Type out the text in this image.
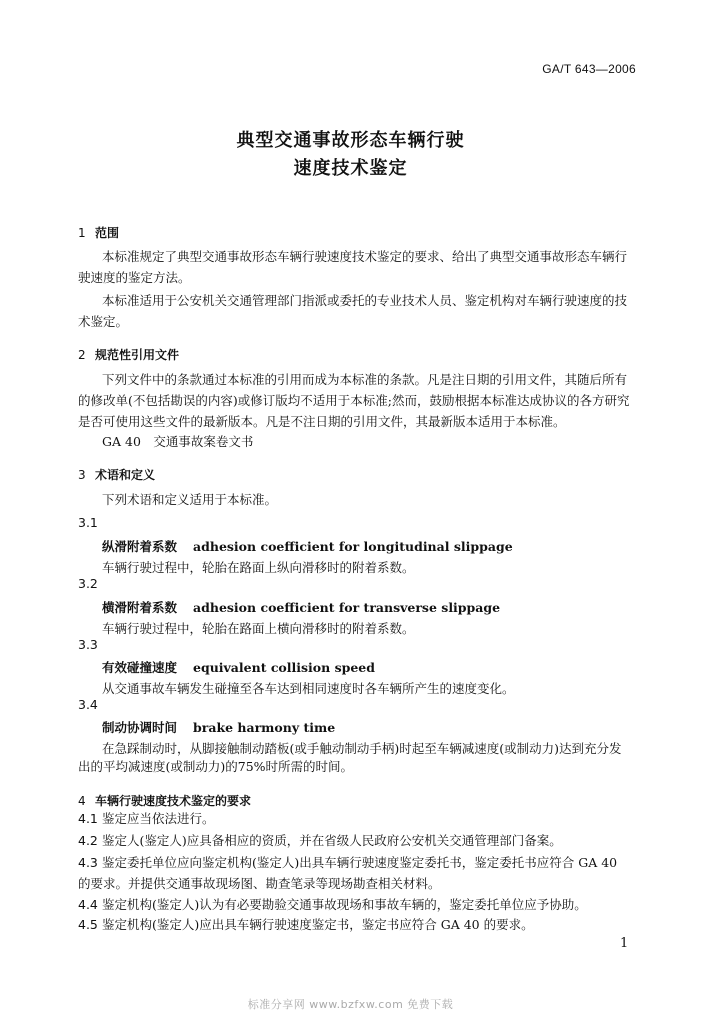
GA/T 643—2006
典型交通事故形态车辆行驶
速度技术鉴定
1 范围
本标准规定了典型交通事故形态车辆行驶速度技术鉴定的要求、给出了典型交通事故形态车辆行
驶速度的鉴定方法。
本标准适用于公安机关交通管理部门指派或委托的专业技术人员、鉴定机构对车辆行驶速度的技
术鉴定。
2 规范性引用文件
下列文件中的条款通过本标准的引用而成为本标准的条款。凡是注日期的引用文件，其随后所有
的修改单(不包括勘误的内容)或修订版均不适用于本标准;然而，鼓励根据本标准达成协议的各方研究
是否可使用这些文件的最新版本。凡是不注日期的引用文件，其最新版本适用于本标准。
GA 40　交通事故案卷文书
3 术语和定义
下列术语和定义适用于本标准。
3.1
纵滑附着系数 adhesion coefficient for longitudinal slippage
车辆行驶过程中，轮胎在路面上纵向滑移时的附着系数。
3.2
横滑附着系数 adhesion coefficient for transverse slippage
车辆行驶过程中，轮胎在路面上横向滑移时的附着系数。
3.3
有效碰撞速度 equivalent collision speed
从交通事故车辆发生碰撞至各车达到相同速度时各车辆所产生的速度变化。
3.4
制动协调时间 brake harmony time
在急踩制动时，从脚接触制动踏板(或手触动制动手柄)时起至车辆减速度(或制动力)达到充分发
出的平均减速度(或制动力)的75%时所需的时间。
4 车辆行驶速度技术鉴定的要求
4.1 鉴定应当依法进行。
4.2 鉴定人(鉴定人)应具备相应的资质，并在省级人民政府公安机关交通管理部门备案。
4.3 鉴定委托单位应向鉴定机构(鉴定人)出具车辆行驶速度鉴定委托书，鉴定委托书应符合 GA 40
的要求。并提供交通事故现场图、勘查笔录等现场勘查相关材料。
4.4 鉴定机构(鉴定人)认为有必要勘验交通事故现场和事故车辆的，鉴定委托单位应予协助。
4.5 鉴定机构(鉴定人)应出具车辆行驶速度鉴定书，鉴定书应符合 GA 40 的要求。
1
标准分享网 www.bzfxw.com 免费下载
